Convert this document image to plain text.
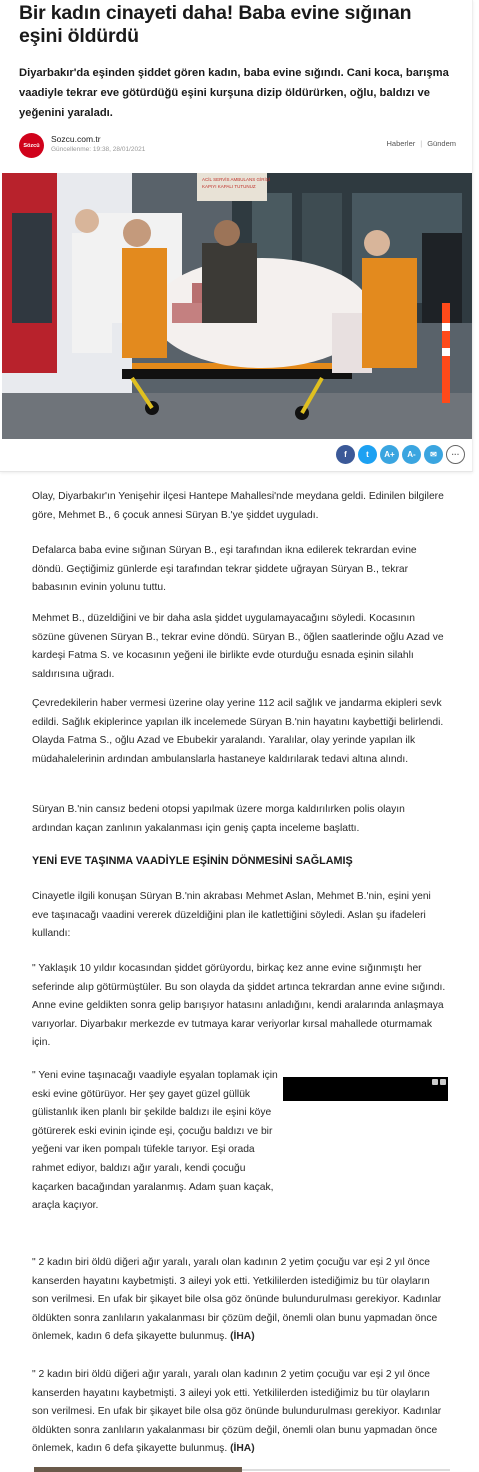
Bir kadın cinayeti daha! Baba evine sığınan eşini öldürdü

Diyarbakır'da eşinden şiddet gören kadın, baba evine sığındı. Cani koca, barışma vaadiyle tekrar eve götürdüğü eşini kurşuna dizip öldürürken, oğlu, baldızı ve yeğenini yaraladı.

Sözcü
Sozcu.com.tr
Güncellenme: 19:38, 28/01/2021
Haberler | Gündem
ACİL SERVİS AMBULANS GİRİŞİ
KAPIYI KAPALI TUTUNUZ
f	t	A+	A-	✉	···

Olay, Diyarbakır'ın Yenişehir ilçesi Hantepe Mahallesi'nde meydana geldi. Edinilen bilgilere göre, Mehmet B., 6 çocuk annesi Süryan B.'ye şiddet uyguladı.

Defalarca baba evine sığınan Süryan B., eşi tarafından ikna edilerek tekrardan evine döndü. Geçtiğimiz günlerde eşi tarafından tekrar şiddete uğrayan Süryan B., tekrar babasının evinin yolunu tuttu.

Mehmet B., düzeldiğini ve bir daha asla şiddet uygulamayacağını söyledi. Kocasının sözüne güvenen Süryan B., tekrar evine döndü. Süryan B., öğlen saatlerinde oğlu Azad ve kardeşi Fatma S. ve kocasının yeğeni ile birlikte evde oturduğu esnada eşinin silahlı saldırısına uğradı.

Çevredekilerin haber vermesi üzerine olay yerine 112 acil sağlık ve jandarma ekipleri sevk edildi. Sağlık ekiplerince yapılan ilk incelemede Süryan B.'nin hayatını kaybettiği belirlendi. Olayda Fatma S., oğlu Azad ve Ebubekir yaralandı. Yaralılar, olay yerinde yapılan ilk müdahalelerinin ardından ambulanslarla hastaneye kaldırılarak tedavi altına alındı.

Süryan B.'nin cansız bedeni otopsi yapılmak üzere morga kaldırılırken polis olayın ardından kaçan zanlının yakalanması için geniş çapta inceleme başlattı.

YENİ EVE TAŞINMA VAADİYLE EŞİNİN DÖNMESİNİ SAĞLAMIŞ

Cinayetle ilgili konuşan Süryan B.'nin akrabası Mehmet Aslan, Mehmet B.'nin, eşini yeni eve taşınacağı vaadini vererek düzeldiğini plan ile katlettiğini söyledi. Aslan şu ifadeleri kullandı:

" Yaklaşık 10 yıldır kocasından şiddet görüyordu, birkaç kez anne evine sığınmıştı her seferinde alıp götürmüştüler. Bu son olayda da şiddet artınca tekrardan anne evine sığındı. Anne evine geldikten sonra gelip barışıyor hatasını anladığını, kendi aralarında anlaşmaya varıyorlar. Diyarbakır merkezde ev tutmaya karar veriyorlar kırsal mahallede oturmamak için.

" Yeni evine taşınacağı vaadiyle eşyalan toplamak için eski evine götürüyor. Her şey gayet güzel güllük gülistanlık iken planlı bir şekilde baldızı ile eşini köye götürerek eski evinin içinde eşi, çocuğu baldızı ve bir yeğeni var iken pompalı tüfekle tarıyor. Eşi orada rahmet ediyor, baldızı ağır yaralı, kendi çocuğu kaçarken bacağından yaralanmış. Adam şuan kaçak, araçla kaçıyor.

" 2 kadın biri öldü diğeri ağır yaralı, yaralı olan kadının 2 yetim çocuğu var eşi 2 yıl önce kanserden hayatını kaybetmişti. 3 aileyi yok etti. Yetkililerden istediğimiz bu tür olayların son verilmesi. En ufak bir şikayet bile olsa göz önünde bulundurulması gerekiyor. Kadınlar öldükten sonra zanlıların yakalanması bir çözüm değil, önemli olan bunu yapmadan önce önlemek, kadın 6 defa şikayette bulunmuş. (İHA)

" 2 kadın biri öldü diğeri ağır yaralı, yaralı olan kadının 2 yetim çocuğu var eşi 2 yıl önce kanserden hayatını kaybetmişti. 3 aileyi yok etti. Yetkililerden istediğimiz bu tür olayların son verilmesi. En ufak bir şikayet bile olsa göz önünde bulundurulması gerekiyor. Kadınlar öldükten sonra zanlıların yakalanması bir çözüm değil, önemli olan bunu yapmadan önce önlemek, kadın 6 defa şikayette bulunmuş. (İHA)
